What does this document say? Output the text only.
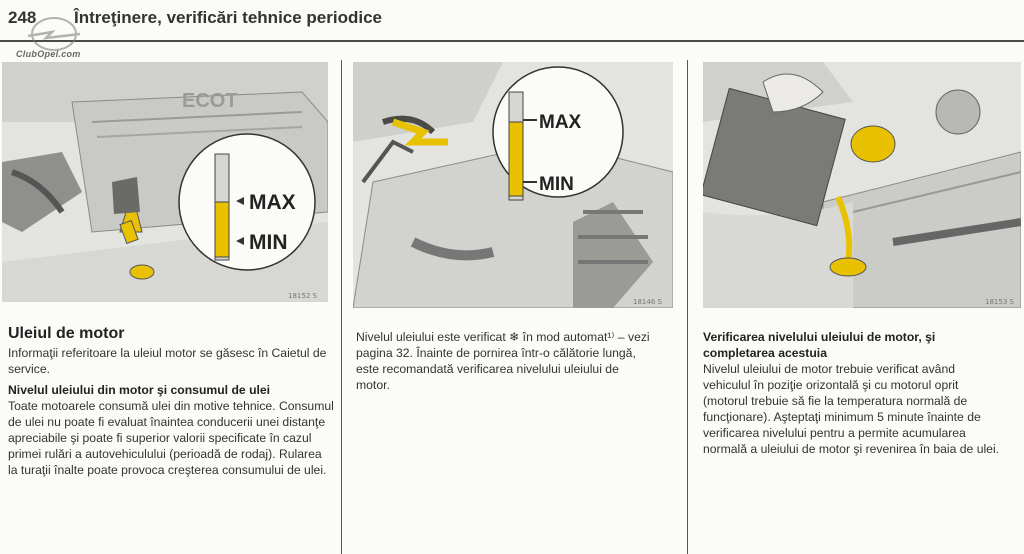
248 Întreţinere, verificări tehnice periodice
ClubOpel.com
ECOT
MAX
MIN
18152 S
MAX
MIN
18146 S	18153 S
Uleiul de motor

Informaţii referitoare la uleiul motor se găsesc în Caietul de service.

Nivelul uleiului din motor şi consumul de ulei

Toate motoarele consumă ulei din motive tehnice. Consumul de ulei nu poate fi evaluat înaintea conducerii unei distanţe apreciabile şi poate fi superior valorii specificate în cazul primei rulări a autovehiculului (perioadă de rodaj). Rularea la turaţii înalte poate provoca creşterea consumului de ulei.

Nivelul uleiului este verificat ❄ în mod automat¹⁾ – vezi pagina 32. Înainte de pornirea într-o călătorie lungă, este recomandată verificarea nivelului uleiului de motor.

Verificarea nivelului uleiului de motor, şi completarea acestuia

Nivelul uleiului de motor trebuie verificat având vehiculul în poziţie orizontală şi cu motorul oprit (motorul trebuie să fie la temperatura normală de funcţionare). Aşteptaţi minimum 5 minute înainte de verificarea nivelului pentru a permite acumularea normală a uleiului de motor şi revenirea în baia de ulei.
